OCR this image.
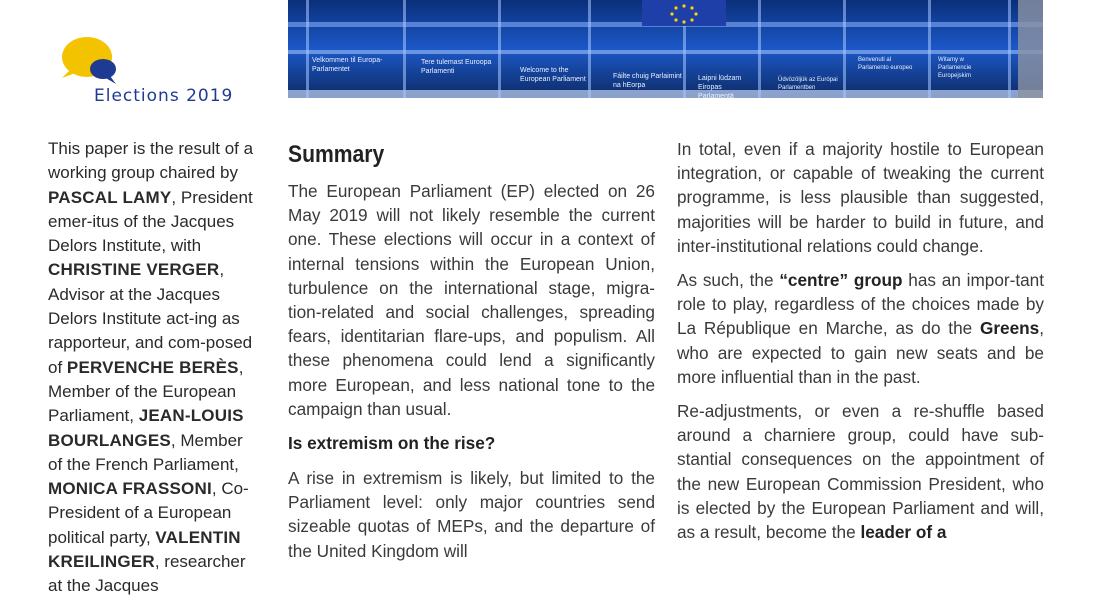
Elections 2019
Velkommen til Europa-Parlamentet
Tere tulemast Euroopa Parlamenti	Welcome to the European Parliament	Fáilte chuig Parlaimint na hEorpa
Laipni lūdzam Eiropas Parlamentā
Üdvözöljük az Európai Parlamentben
Benvenuti al Parlamento europeo
Witamy w Parlamencie Europejskim
This paper is the result of a working group chaired by PASCAL LAMY, President emer-itus of the Jacques Delors Institute, with CHRISTINE VERGER, Advisor at the Jacques Delors Institute act-ing as rapporteur, and com-posed of PERVENCHE BERÈS, Member of the European Parliament, JEAN-LOUIS BOURLANGES, Member of the French Parliament, MONICA FRASSONI, Co-President of a European political party, VALENTIN KREILINGER, researcher at the Jacques
Summary

The European Parliament (EP) elected on 26 May 2019 will not likely resemble the current one. These elections will occur in a context of internal tensions within the European Union, turbulence on the international stage, migra-tion-related and social challenges, spreading fears, identitarian flare-ups, and populism. All these phenomena could lend a significantly more European, and less national tone to the campaign than usual.

Is extremism on the rise?

A rise in extremism is likely, but limited to the Parliament level: only major countries send sizeable quotas of MEPs, and the departure of the United Kingdom will

In total, even if a majority hostile to European integration, or capable of tweaking the current programme, is less plausible than suggested, majorities will be harder to build in future, and inter-institutional relations could change.

As such, the “centre” group has an impor-tant role to play, regardless of the choices made by La République en Marche, as do the Greens, who are expected to gain new seats and be more influential than in the past.

Re-adjustments, or even a re-shuffle based around a charniere group, could have sub-stantial consequences on the appointment of the new European Commission President, who is elected by the European Parliament and will, as a result, become the leader of a
